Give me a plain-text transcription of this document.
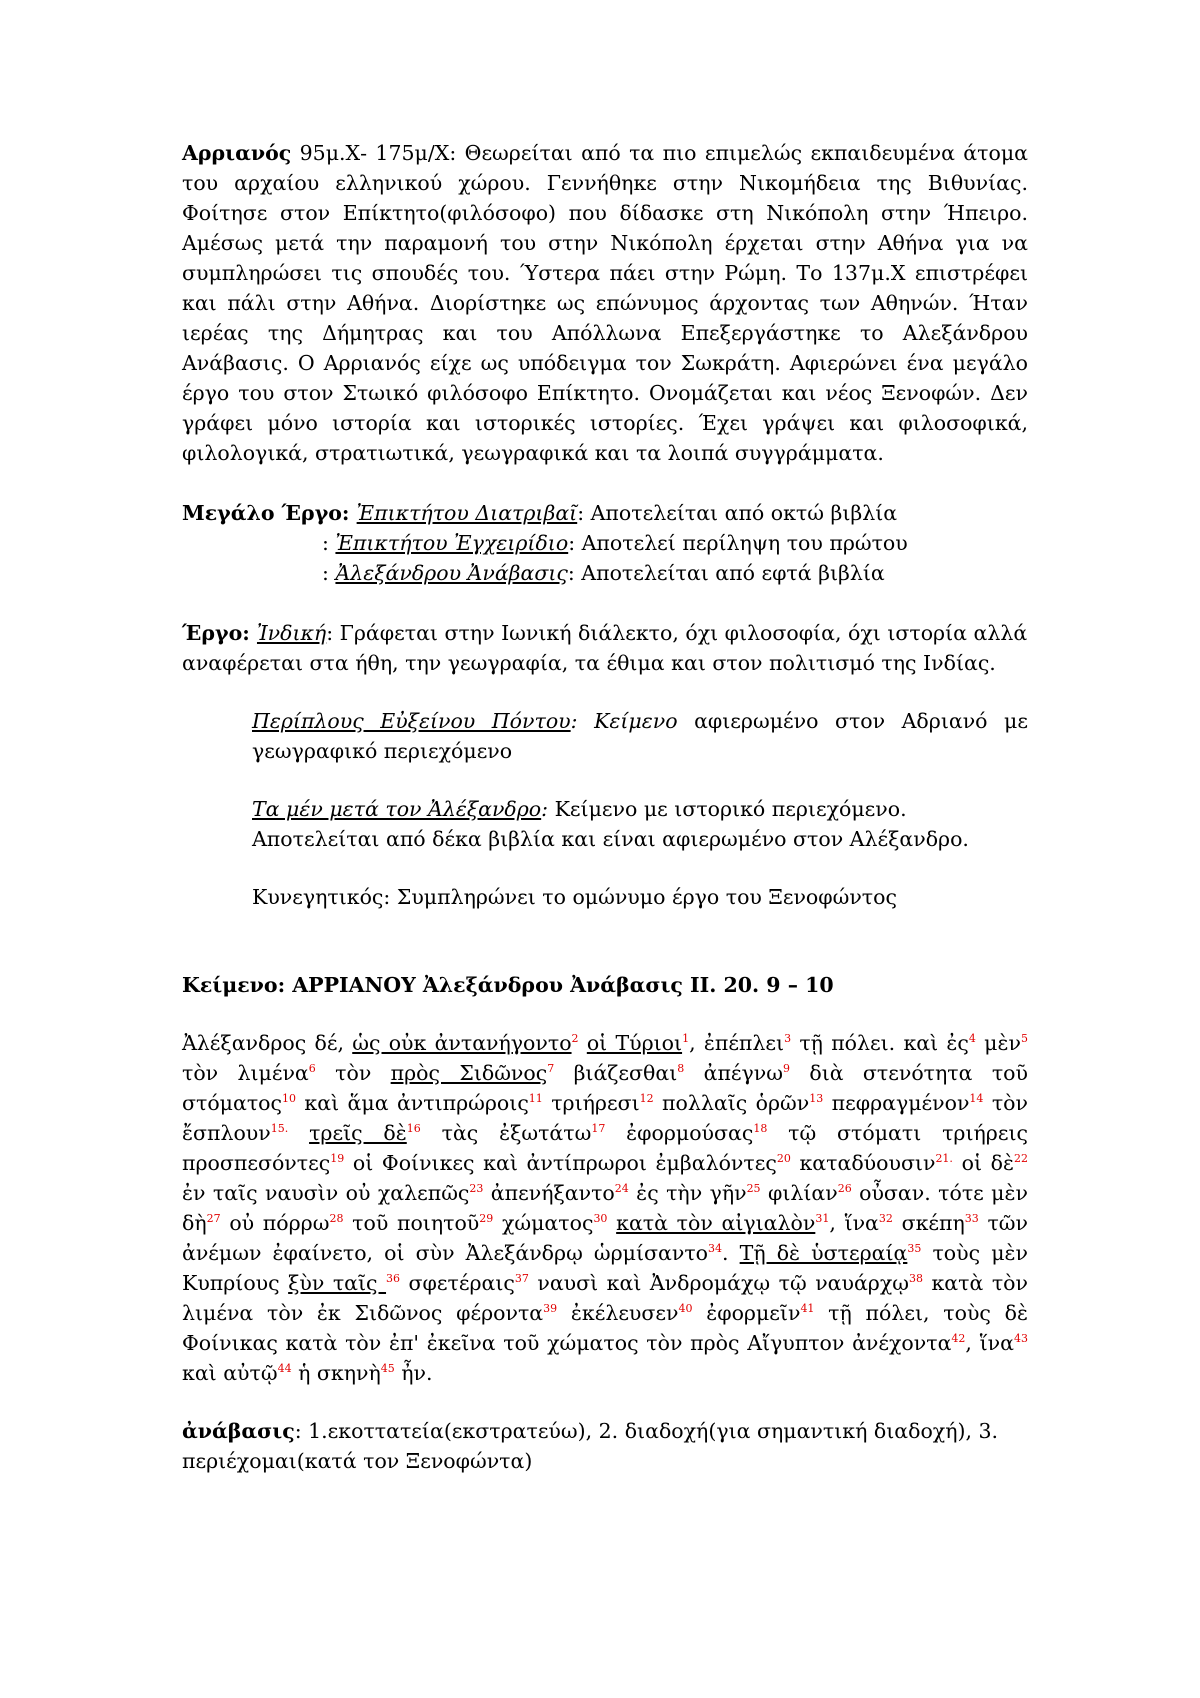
Αρριανός 95μ.Χ- 175μ/Χ: Θεωρείται από τα πιο επιμελώς εκπαιδευμένα άτομα του αρχαίου ελληνικού χώρου. Γεννήθηκε στην Νικομήδεια της Βιθυνίας. Φοίτησε στον Επίκτητο(φιλόσοφο) που δίδασκε στη Νικόπολη στην Ήπειρο. Αμέσως μετά την παραμονή του στην Νικόπολη έρχεται στην Αθήνα για να συμπληρώσει τις σπουδές του. Ύστερα πάει στην Ρώμη. Το 137μ.Χ επιστρέφει και πάλι στην Αθήνα. Διορίστηκε ως επώνυμος άρχοντας των Αθηνών. Ήταν ιερέας της Δήμητρας και του Απόλλωνα Επεξεργάστηκε το Αλεξάνδρου Ανάβασις. Ο Αρριανός είχε ως υπόδειγμα τον Σωκράτη. Αφιερώνει ένα μεγάλο έργο του στον Στωικό φιλόσοφο Επίκτητο. Ονομάζεται και νέος Ξενοφών. Δεν γράφει μόνο ιστορία και ιστορικές ιστορίες. Έχει γράψει και φιλοσοφικά, φιλολογικά, στρατιωτικά, γεωγραφικά και τα λοιπά συγγράμματα.

Μεγάλο Έργο: Ἐπικτήτου Διατριβαῖ: Αποτελείται από οκτώ βιβλία

: Ἐπικτήτου Ἐγχειρίδιο: Αποτελεί περίληψη του πρώτου

: Ἀλεξάνδρου Ἀνάβασις: Αποτελείται από εφτά βιβλία

Έργο: Ἰνδική: Γράφεται στην Ιωνική διάλεκτο, όχι φιλοσοφία, όχι ιστορία αλλά αναφέρεται στα ήθη, την γεωγραφία, τα έθιμα και στον πολιτισμό της Ινδίας.

Περίπλους Εὐξείνου Πόντου: Κείμενο αφιερωμένο στον Αδριανό με γεωγραφικό περιεχόμενο

Τα μέν μετά τον Ἀλέξανδρο: Κείμενο με ιστορικό περιεχόμενο. Αποτελείται από δέκα βιβλία και είναι αφιερωμένο στον Αλέξανδρο.

Κυνεγητικός: Συμπληρώνει το ομώνυμο έργο του Ξενοφώντος

Κείμενο: ΑΡΡΙΑΝΟΥ Ἀλεξάνδρου Ἀνάβασις ΙΙ. 20. 9 – 10

Ἀλέξανδρος δέ, ὡς οὐκ ἀντανήγοντο$^2$ οἱ Τύριοι$^1$, ἐπέπλει$^3$ τῇ πόλει. καὶ ἐς$^4$ μὲν$^5$ τὸν λιμένα$^6$ τὸν πρὸς Σιδῶνος$^7$ βιάζεσθαι$^8$ ἀπέγνω$^9$ διὰ στενότητα τοῦ στόματος$^{10}$ καὶ ἅμα ἀντιπρώροις$^{11}$ τριήρεσι$^{12}$ πολλαῖς ὁρῶν$^{13}$ πεφραγμένον$^{14}$ τὸν ἔσπλουν$^{15.}$ τρεῖς δὲ$^{16}$ τὰς ἐξωτάτω$^{17}$ ἐφορμούσας$^{18}$ τῷ στόματι τριήρεις προσπεσόντες$^{19}$ οἱ Φοίνικες καὶ ἀντίπρωροι ἐμβαλόντες$^{20}$ καταδύουσιν$^{21.}$ οἱ δὲ$^{22}$ ἐν ταῖς ναυσὶν οὐ χαλεπῶς$^{23}$ ἀπενήξαντο$^{24}$ ἐς τὴν γῆν$^{25}$ φιλίαν$^{26}$ οὖσαν. τότε μὲν δὴ$^{27}$ οὐ πόρρω$^{28}$ τοῦ ποιητοῦ$^{29}$ χώματος$^{30}$ κατὰ τὸν αἰγιαλὸν$^{31}$, ἵνα$^{32}$ σκέπη$^{33}$ τῶν ἀνέμων ἐφαίνετο, οἱ σὺν Ἀλεξάνδρῳ ὡρμίσαντο$^{34}$. Τῇ δὲ ὑστεραίᾳ$^{35}$ τοὺς μὲν Κυπρίους ξὺν ταῖς $^{36}$ σφετέραις$^{37}$ ναυσὶ καὶ Ἀνδρομάχῳ τῷ ναυάρχῳ$^{38}$ κατὰ τὸν λιμένα τὸν ἐκ Σιδῶνος φέροντα$^{39}$ ἐκέλευσεν$^{40}$ ἐφορμεῖν$^{41}$ τῇ πόλει, τοὺς δὲ Φοίνικας κατὰ τὸν ἐπ' ἐκεῖνα τοῦ χώματος τὸν πρὸς Αἴγυπτον ἀνέχοντα$^{42}$, ἵνα$^{43}$ καὶ αὐτῷ$^{44}$ ἡ σκηνὴ$^{45}$ ἦν.

ἀνάβασις: 1.εκοττατεία(εκστρατεύω), 2. διαδοχή(για σημαντική διαδοχή), 3. περιέχομαι(κατά τον Ξενοφώντα)
